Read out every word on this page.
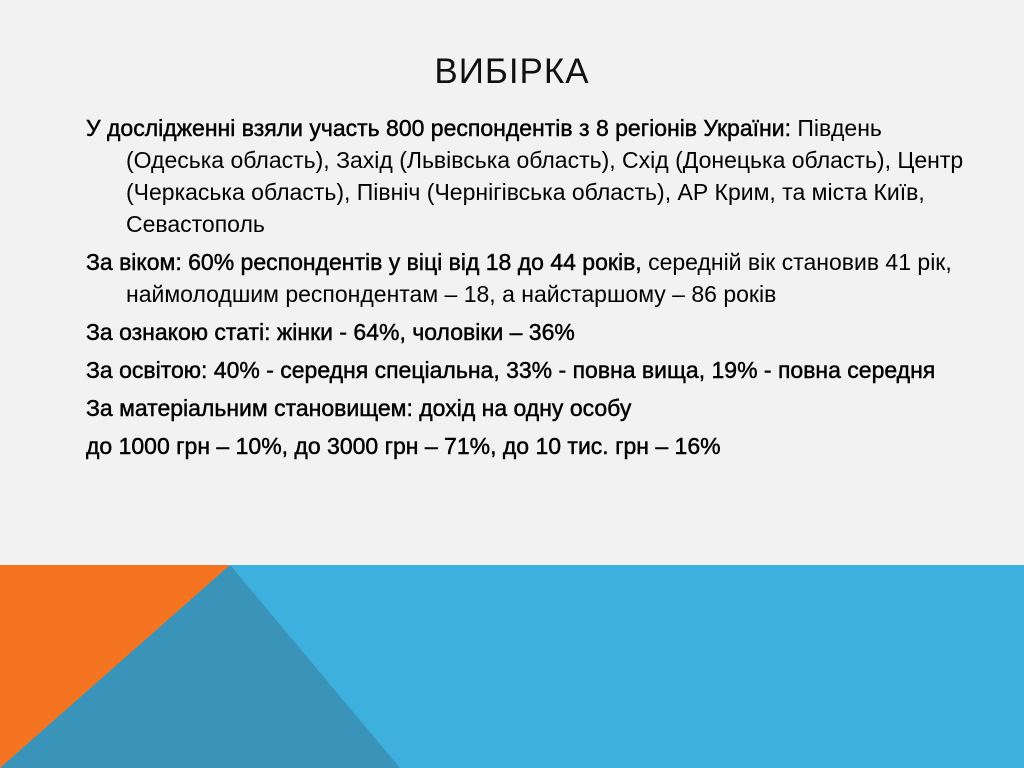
ВИБІРКА

У дослідженні взяли участь 800 респондентів з 8 регіонів України: Південь (Одеська область), Захід (Львівська область), Схід (Донецька область), Центр (Черкаська область), Північ (Чернігівська область), АР Крим, та міста Київ, Севастополь

За віком: 60% респондентів у віці від 18 до 44 років, середній вік становив 41 рік, наймолодшим респондентам – 18, а найстаршому – 86 років

За ознакою статі: жінки - 64%, чоловіки – 36%

За освітою: 40% - середня спеціальна, 33% - повна вища, 19% - повна середня

За матеріальним становищем: дохід на одну особу

до 1000 грн – 10%, до 3000 грн – 71%, до 10 тис. грн – 16%
